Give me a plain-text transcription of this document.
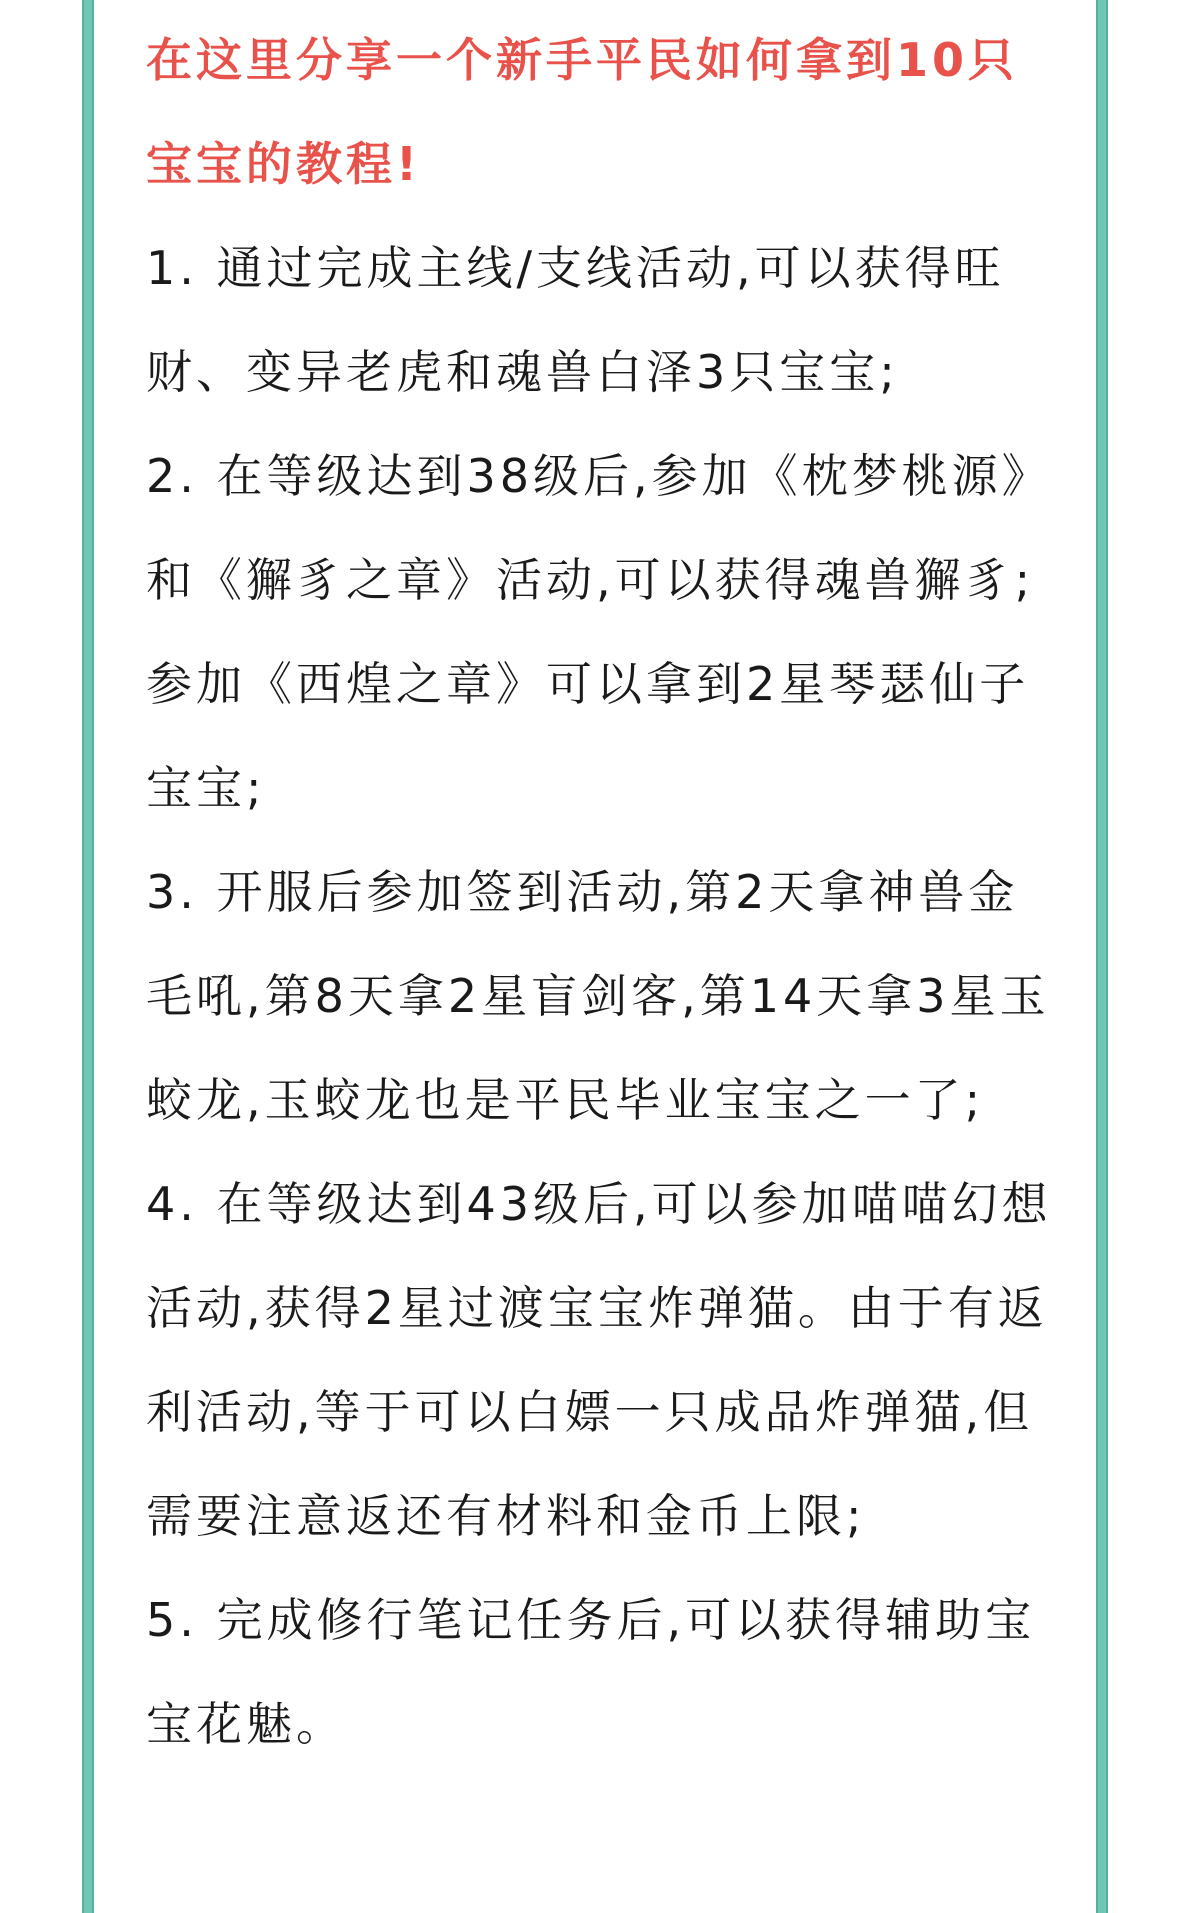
在这里分享一个新手平民如何拿到10只宝宝的教程!

1. 通过完成主线/支线活动,可以获得旺财、变异老虎和魂兽白泽3只宝宝;

2. 在等级达到38级后,参加《枕梦桃源》和《獬豸之章》活动,可以获得魂兽獬豸;参加《西煌之章》可以拿到2星琴瑟仙子宝宝;

3. 开服后参加签到活动,第2天拿神兽金毛吼,第8天拿2星盲剑客,第14天拿3星玉蛟龙,玉蛟龙也是平民毕业宝宝之一了;

4. 在等级达到43级后,可以参加喵喵幻想活动,获得2星过渡宝宝炸弹猫。由于有返利活动,等于可以白嫖一只成品炸弹猫,但需要注意返还有材料和金币上限;

5. 完成修行笔记任务后,可以获得辅助宝宝花魅。
